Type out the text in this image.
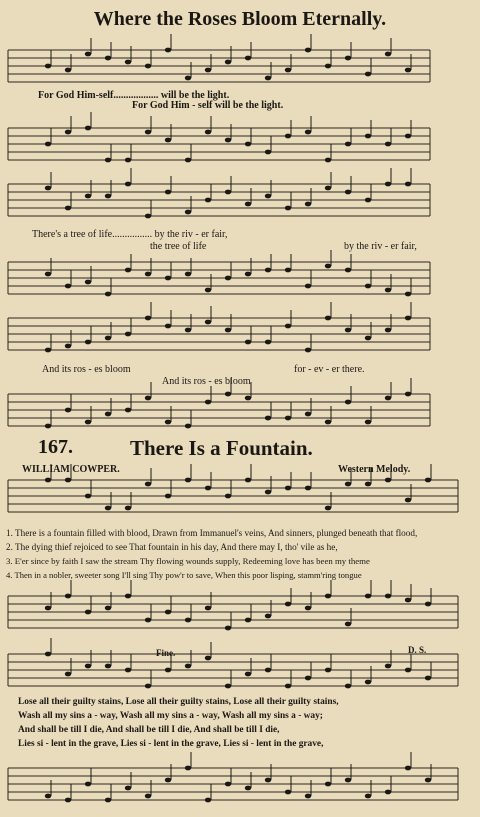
Where the Roses Bloom Eternally.
For God Him-self.................. will be the light.
For God Him - self will be the light.
There's a tree of life................ by the riv - er fair,
the tree of life	by the riv - er fair,
And its ros - es bloom	for - ev - er there.
And its ros - es bloom
167.	There Is a Fountain.
WILLIAM COWPER.	Western Melody.
1. There is a fountain filled with blood, Drawn from Immanuel's veins, And sinners, plunged beneath that flood,
2. The dying thief rejoiced to see That fountain in his day, And there may I, tho' vile as he,
3. E'er since by faith I saw the stream Thy flowing wounds supply, Redeeming love has been my theme
4. Then in a nobler, sweeter song I'll sing Thy pow'r to save, When this poor lisping, stamm'ring tongue
Fine.	D. S.
Lose all their guilty stains, Lose all their guilty stains, Lose all their guilty stains,
Wash all my sins a - way, Wash all my sins a - way, Wash all my sins a - way;
And shall be till I die, And shall be till I die, And shall be till I die,
Lies si - lent in the grave, Lies si - lent in the grave, Lies si - lent in the grave,
